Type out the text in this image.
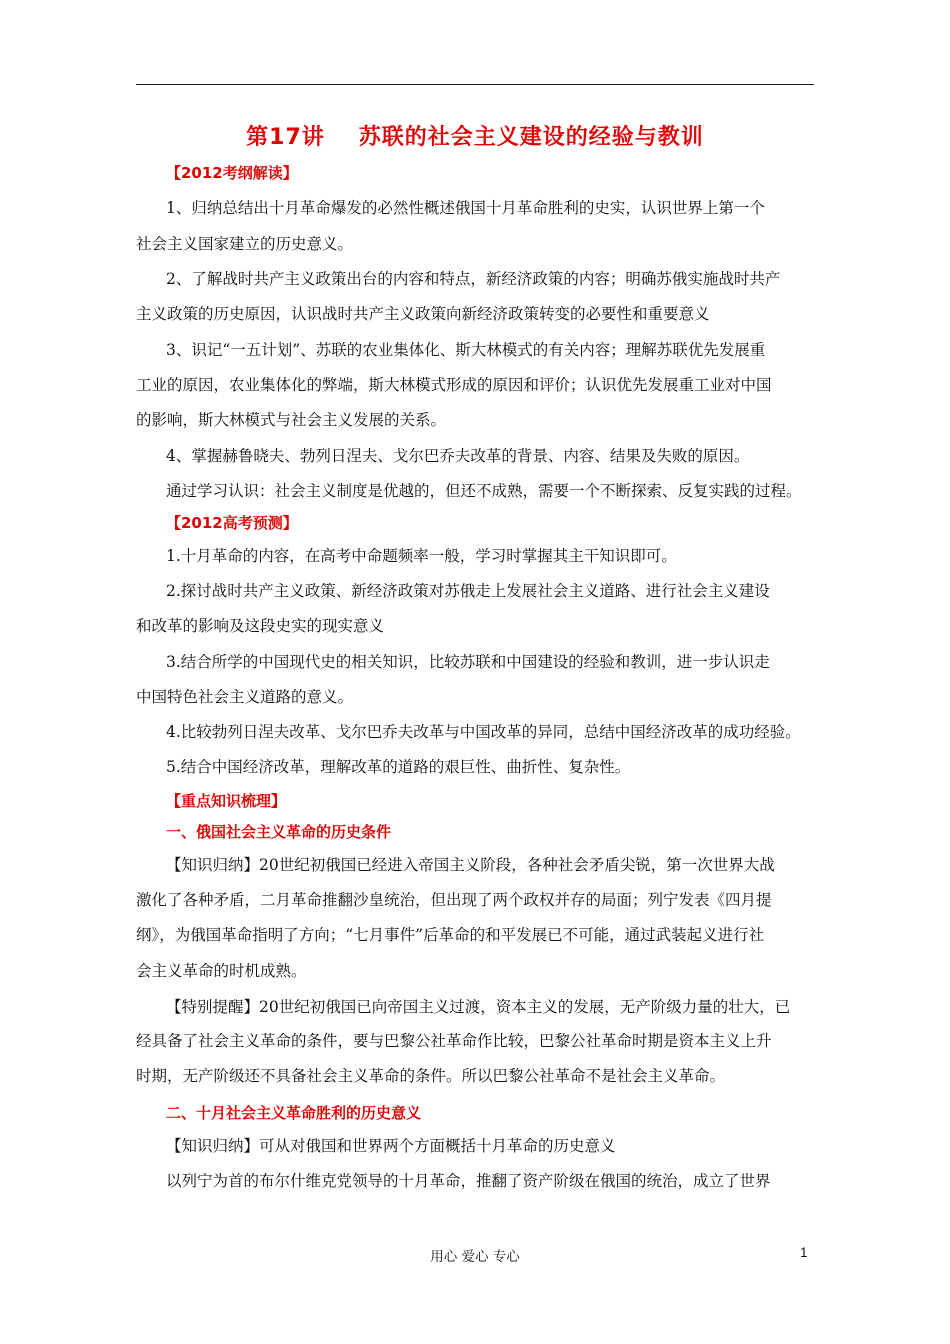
第17讲 苏联的社会主义建设的经验与教训
【2012考纲解读】
1、归纳总结出十月革命爆发的必然性概述俄国十月革命胜利的史实，认识世界上第一个
社会主义国家建立的历史意义。
2、了解战时共产主义政策出台的内容和特点，新经济政策的内容；明确苏俄实施战时共产
主义政策的历史原因，认识战时共产主义政策向新经济政策转变的必要性和重要意义
3、识记“一五计划”、苏联的农业集体化、斯大林模式的有关内容；理解苏联优先发展重
工业的原因，农业集体化的弊端，斯大林模式形成的原因和评价；认识优先发展重工业对中国
的影响，斯大林模式与社会主义发展的关系。
4、掌握赫鲁晓夫、勃列日涅夫、戈尔巴乔夫改革的背景、内容、结果及失败的原因。
通过学习认识：社会主义制度是优越的，但还不成熟，需要一个不断探索、反复实践的过程。
【2012高考预测】
1.十月革命的内容，在高考中命题频率一般，学习时掌握其主干知识即可。
2.探讨战时共产主义政策、新经济政策对苏俄走上发展社会主义道路、进行社会主义建设
和改革的影响及这段史实的现实意义
3.结合所学的中国现代史的相关知识，比较苏联和中国建设的经验和教训，进一步认识走
中国特色社会主义道路的意义。
4.比较勃列日涅夫改革、戈尔巴乔夫改革与中国改革的异同，总结中国经济改革的成功经验。
5.结合中国经济改革，理解改革的道路的艰巨性、曲折性、复杂性。
【重点知识梳理】
一、俄国社会主义革命的历史条件
【知识归纳】20世纪初俄国已经进入帝国主义阶段，各种社会矛盾尖锐，第一次世界大战
激化了各种矛盾，二月革命推翻沙皇统治，但出现了两个政权并存的局面；列宁发表《四月提
纲》，为俄国革命指明了方向；“七月事件”后革命的和平发展已不可能，通过武装起义进行社
会主义革命的时机成熟。
【特别提醒】20世纪初俄国已向帝国主义过渡，资本主义的发展，无产阶级力量的壮大，已
经具备了社会主义革命的条件，要与巴黎公社革命作比较，巴黎公社革命时期是资本主义上升
时期，无产阶级还不具备社会主义革命的条件。所以巴黎公社革命不是社会主义革命。
二、十月社会主义革命胜利的历史意义
【知识归纳】可从对俄国和世界两个方面概括十月革命的历史意义
以列宁为首的布尔什维克党领导的十月革命，推翻了资产阶级在俄国的统治，成立了世界
用心 爱心 专心	1
